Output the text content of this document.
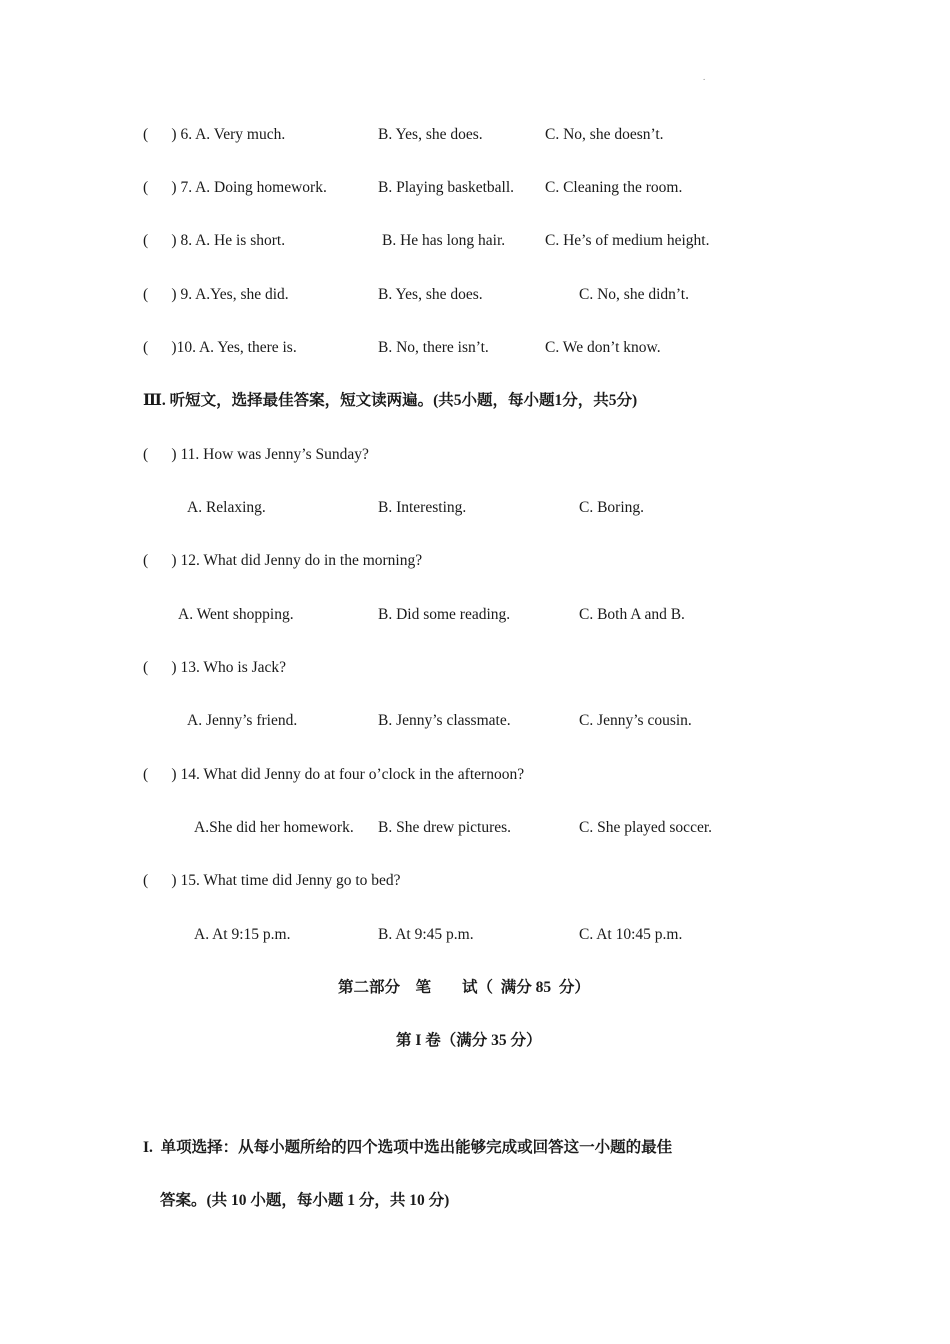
.
(      ) 6. A. Very much.	B. Yes, she does.	C. No, she doesn’t.
(      ) 7. A. Doing homework.	B. Playing basketball. C. Cleaning the room.
(      ) 8. A. He is short.	B. He has long hair.	C. He’s of medium height.
(      ) 9. A.Yes, she did.	B. Yes, she does.	C. No, she didn’t.
(      )10. A. Yes, there is.	B. No, there isn’t.	C. We don’t know.
Ⅲ. 听短文，选择最佳答案，短文读两遍。(共5小题，每小题1分，共5分)
(      ) 11. How was Jenny’s Sunday?
A. Relaxing.	B. Interesting.	C. Boring.
(      ) 12. What did Jenny do in the morning?
A. Went shopping.	B. Did some reading.	C. Both A and B.
(      ) 13. Who is Jack?
A. Jenny’s friend.	B. Jenny’s classmate.	C. Jenny’s cousin.
(      ) 14. What did Jenny do at four o’clock in the afternoon?
A.She did her homework. B. She drew pictures.	C. She played soccer.
(      ) 15. What time did Jenny go to bed?
A. At 9:15 p.m.	B. At 9:45 p.m.	C. At 10:45 p.m.
第二部分    笔        试（  满分 85  分）
第 I 卷（满分 35 分）
I.  单项选择：从每小题所给的四个选项中选出能够完成或回答这一小题的最佳
答案。(共 10 小题，每小题 1 分，共 10 分)
